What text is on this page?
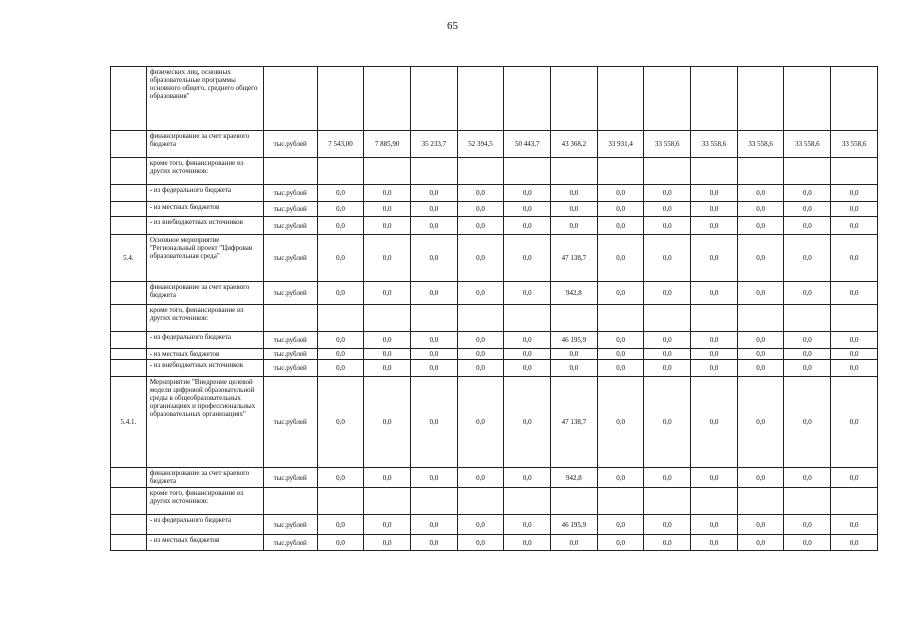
65
	физических лиц, основных образовательные программы основного общего, среднего общего образования"													
	финансирование за счет краевого бюджета	тыс.рублей	7 543,00	7 885,90	35 233,7	52 394,5	50 443,7	43 368,2	33 931,4	33 558,6	33 558,6	33 558,6	33 558,6	33 558,6
	кроме того, финансирование из других источников:													
	- из федерального бюджета	тыс.рублей	0,0	0,0	0,0	0,0	0,0	0,0	0,0	0,0	0,0	0,0	0,0	0,0
	- из местных бюджетов	тыс.рублей	0,0	0,0	0,0	0,0	0,0	0,0	0,0	0,0	0,0	0,0	0,0	0,0
	- из внебюджетных источников	тыс.рублей	0,0	0,0	0,0	0,0	0,0	0,0	0,0	0,0	0,0	0,0	0,0	0,0
5.4.	Основное мероприятие "Региональный проект "Цифровая образовательная среда"	тыс.рублей	0,0	0,0	0,0	0,0	0,0	47 138,7	0,0	0,0	0,0	0,0	0,0	0,0
	финансирование за счет краевого бюджета	тыс.рублей	0,0	0,0	0,0	0,0	0,0	942,8	0,0	0,0	0,0	0,0	0,0	0,0
	кроме того, финансирование из других источников:													
	- из федерального бюджета	тыс.рублей	0,0	0,0	0,0	0,0	0,0	46 195,9	0,0	0,0	0,0	0,0	0,0	0,0
	- из местных бюджетов	тыс.рублей	0,0	0,0	0,0	0,0	0,0	0,0	0,0	0,0	0,0	0,0	0,0	0,0
	- из внебюджетных источников	тыс.рублей	0,0	0,0	0,0	0,0	0,0	0,0	0,0	0,0	0,0	0,0	0,0	0,0
5.4.1.	Мероприятие "Внедрение целевой модели цифровой образовательной среды в общеобразовательных организациях и профессиональных образовательных организациях"	тыс.рублей	0,0	0,0	0,0	0,0	0,0	47 138,7	0,0	0,0	0,0	0,0	0,0	0,0
	финансирование за счет краевого бюджета	тыс.рублей	0,0	0,0	0,0	0,0	0,0	942,8	0,0	0,0	0,0	0,0	0,0	0,0
	кроме того, финансирование из других источников:													
	- из федерального бюджета	тыс.рублей	0,0	0,0	0,0	0,0	0,0	46 195,9	0,0	0,0	0,0	0,0	0,0	0,0
	- из местных бюджетов	тыс.рублей	0,0	0,0	0,0	0,0	0,0	0,0	0,0	0,0	0,0	0,0	0,0	0,0
